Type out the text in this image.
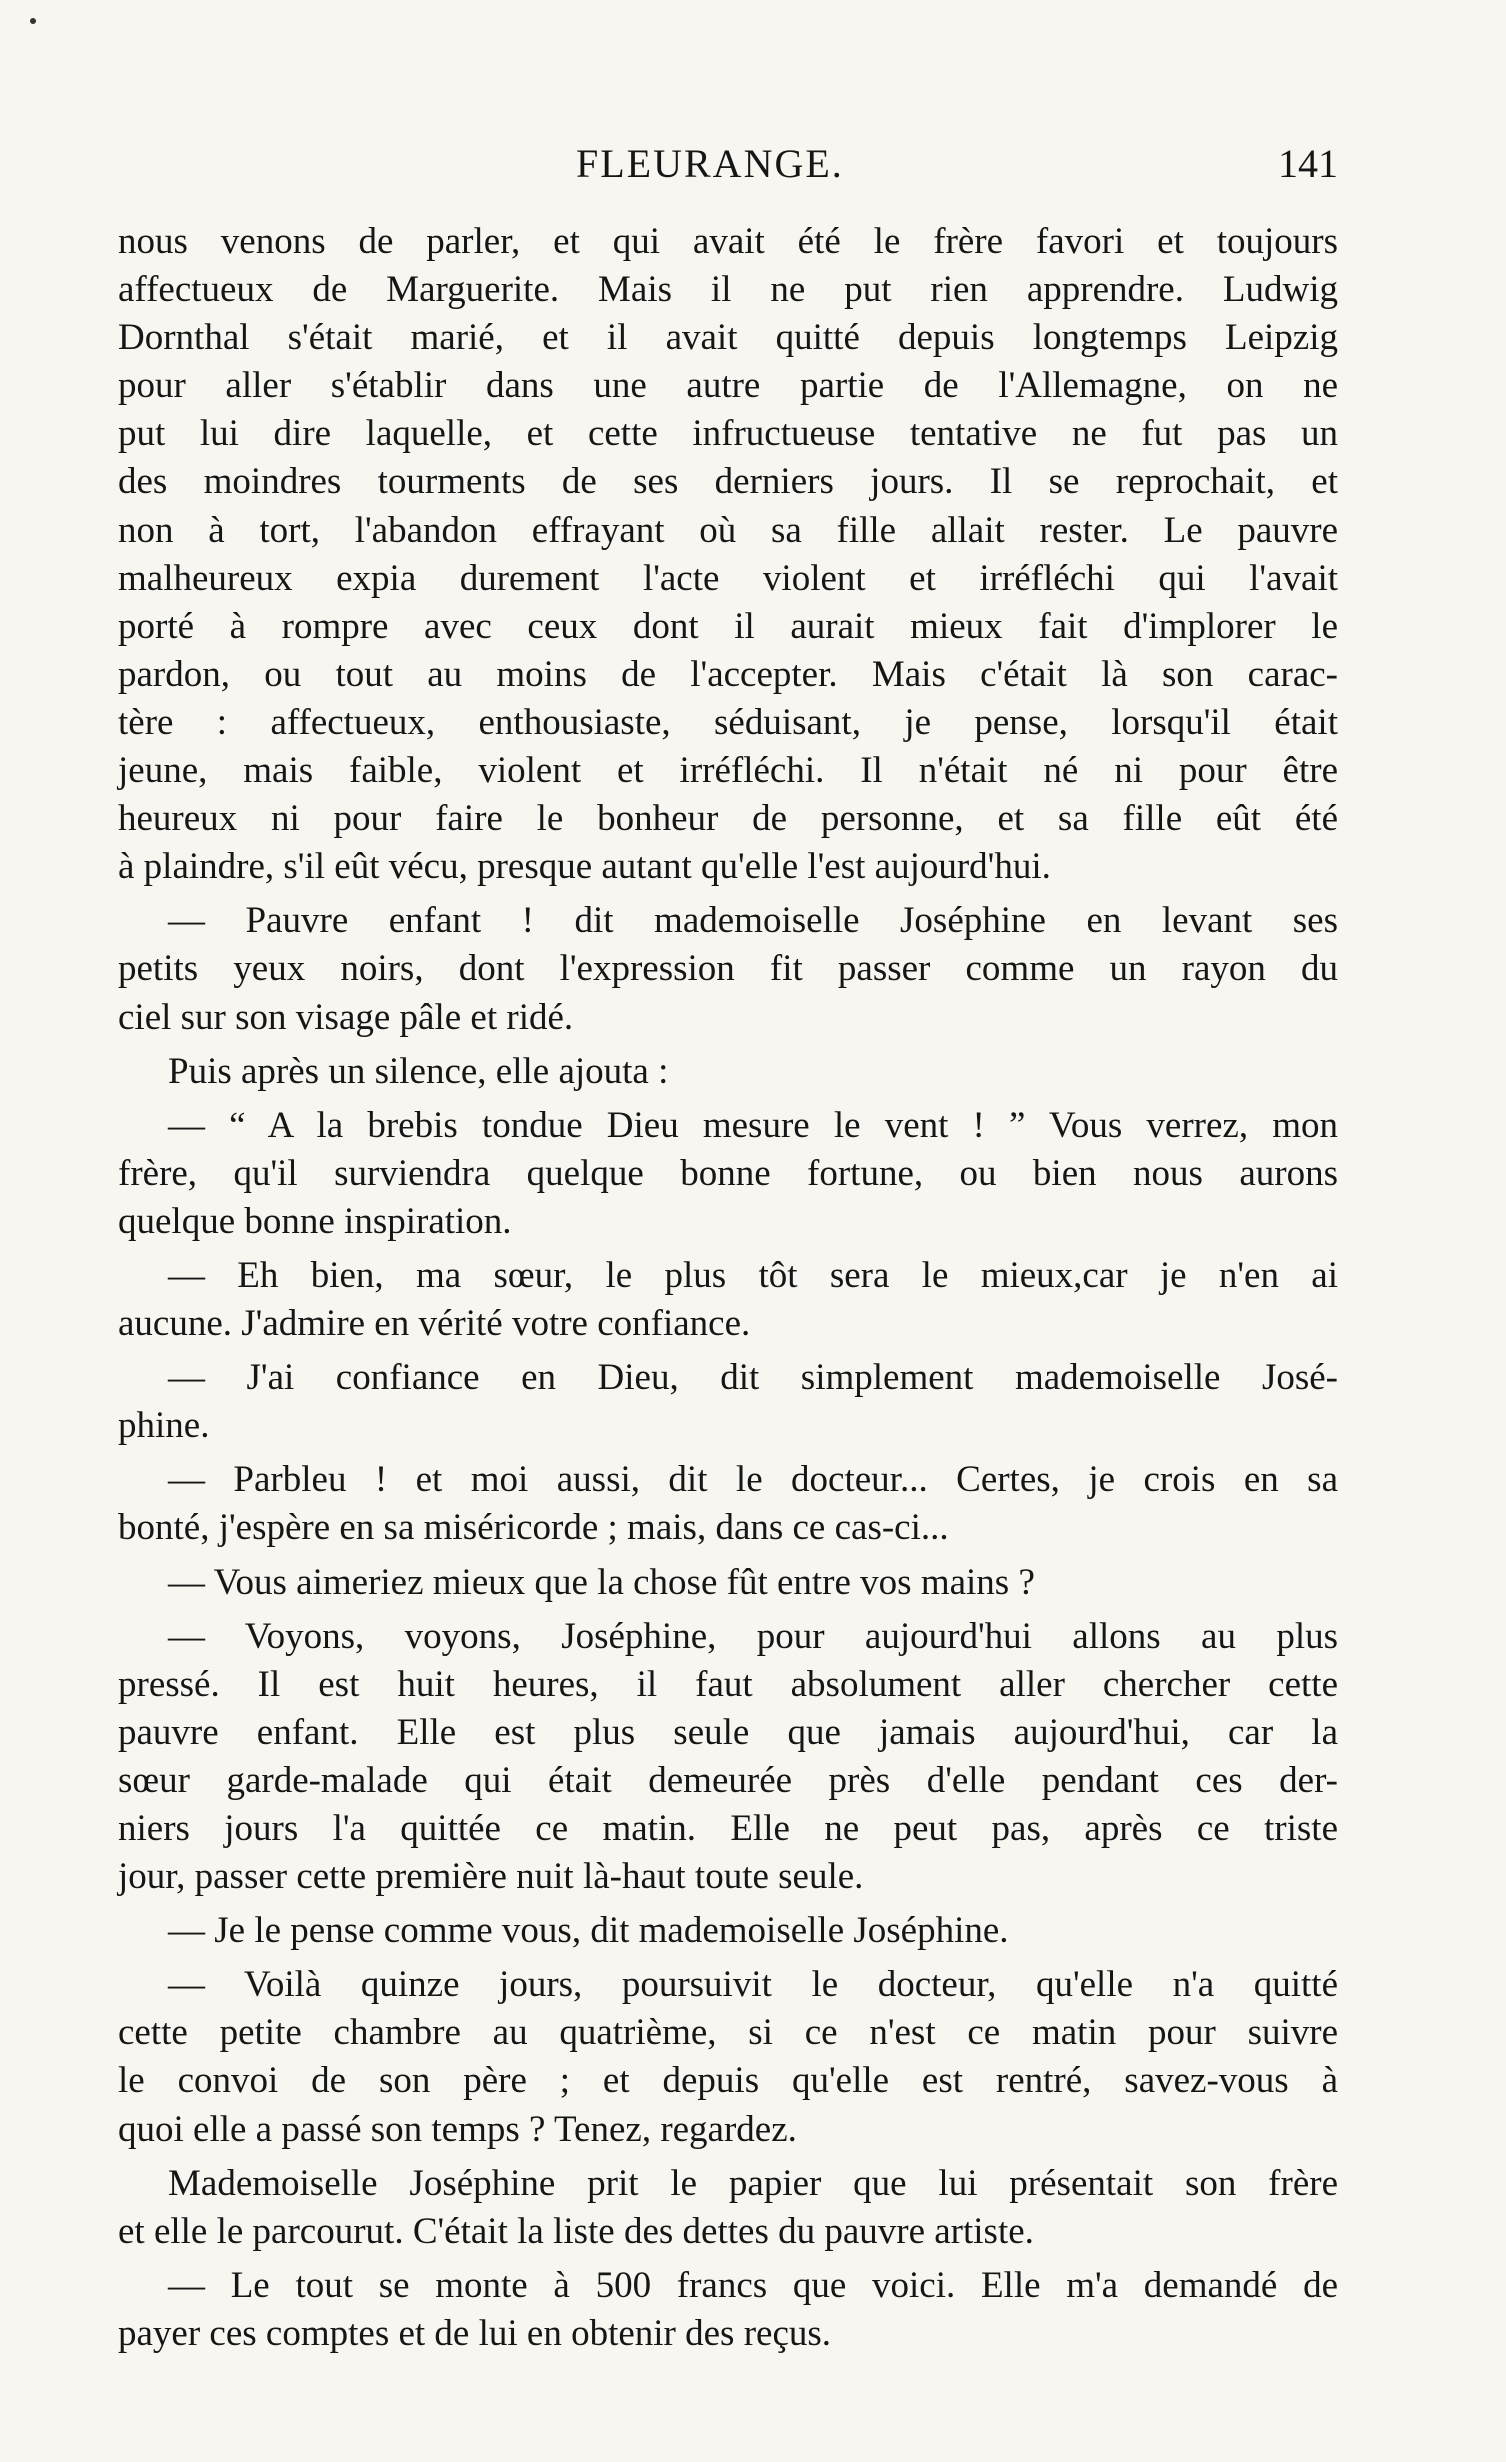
FLEURANGE.	141
nous venons de parler, et qui avait été le frère favori et toujours
affectueux de Marguerite. Mais il ne put rien apprendre. Ludwig
Dornthal s'était marié, et il avait quitté depuis longtemps Leipzig
pour aller s'établir dans une autre partie de l'Allemagne, on ne
put lui dire laquelle, et cette infructueuse tentative ne fut pas un
des moindres tourments de ses derniers jours. Il se reprochait, et
non à tort, l'abandon effrayant où sa fille allait rester. Le pauvre
malheureux expia durement l'acte violent et irréfléchi qui l'avait
porté à rompre avec ceux dont il aurait mieux fait d'implorer le
pardon, ou tout au moins de l'accepter. Mais c'était là son carac-
tère : affectueux, enthousiaste, séduisant, je pense, lorsqu'il était
jeune, mais faible, violent et irréfléchi. Il n'était né ni pour être
heureux ni pour faire le bonheur de personne, et sa fille eût été
à plaindre, s'il eût vécu, presque autant qu'elle l'est aujourd'hui.
— Pauvre enfant ! dit mademoiselle Joséphine en levant ses
petits yeux noirs, dont l'expression fit passer comme un rayon du
ciel sur son visage pâle et ridé.
Puis après un silence, elle ajouta :
— “ A la brebis tondue Dieu mesure le vent ! ” Vous verrez, mon
frère, qu'il surviendra quelque bonne fortune, ou bien nous aurons
quelque bonne inspiration.
— Eh bien, ma sœur, le plus tôt sera le mieux,car je n'en ai
aucune. J'admire en vérité votre confiance.
— J'ai confiance en Dieu, dit simplement mademoiselle José-
phine.
— Parbleu ! et moi aussi, dit le docteur... Certes, je crois en sa
bonté, j'espère en sa miséricorde ; mais, dans ce cas-ci...
— Vous aimeriez mieux que la chose fût entre vos mains ?
— Voyons, voyons, Joséphine, pour aujourd'hui allons au plus
pressé. Il est huit heures, il faut absolument aller chercher cette
pauvre enfant. Elle est plus seule que jamais aujourd'hui, car la
sœur garde-malade qui était demeurée près d'elle pendant ces der-
niers jours l'a quittée ce matin. Elle ne peut pas, après ce triste
jour, passer cette première nuit là-haut toute seule.
— Je le pense comme vous, dit mademoiselle Joséphine.
— Voilà quinze jours, poursuivit le docteur, qu'elle n'a quitté
cette petite chambre au quatrième, si ce n'est ce matin pour suivre
le convoi de son père ; et depuis qu'elle est rentré, savez-vous à
quoi elle a passé son temps ? Tenez, regardez.
Mademoiselle Joséphine prit le papier que lui présentait son frère
et elle le parcourut. C'était la liste des dettes du pauvre artiste.
— Le tout se monte à 500 francs que voici. Elle m'a demandé de
payer ces comptes et de lui en obtenir des reçus.
